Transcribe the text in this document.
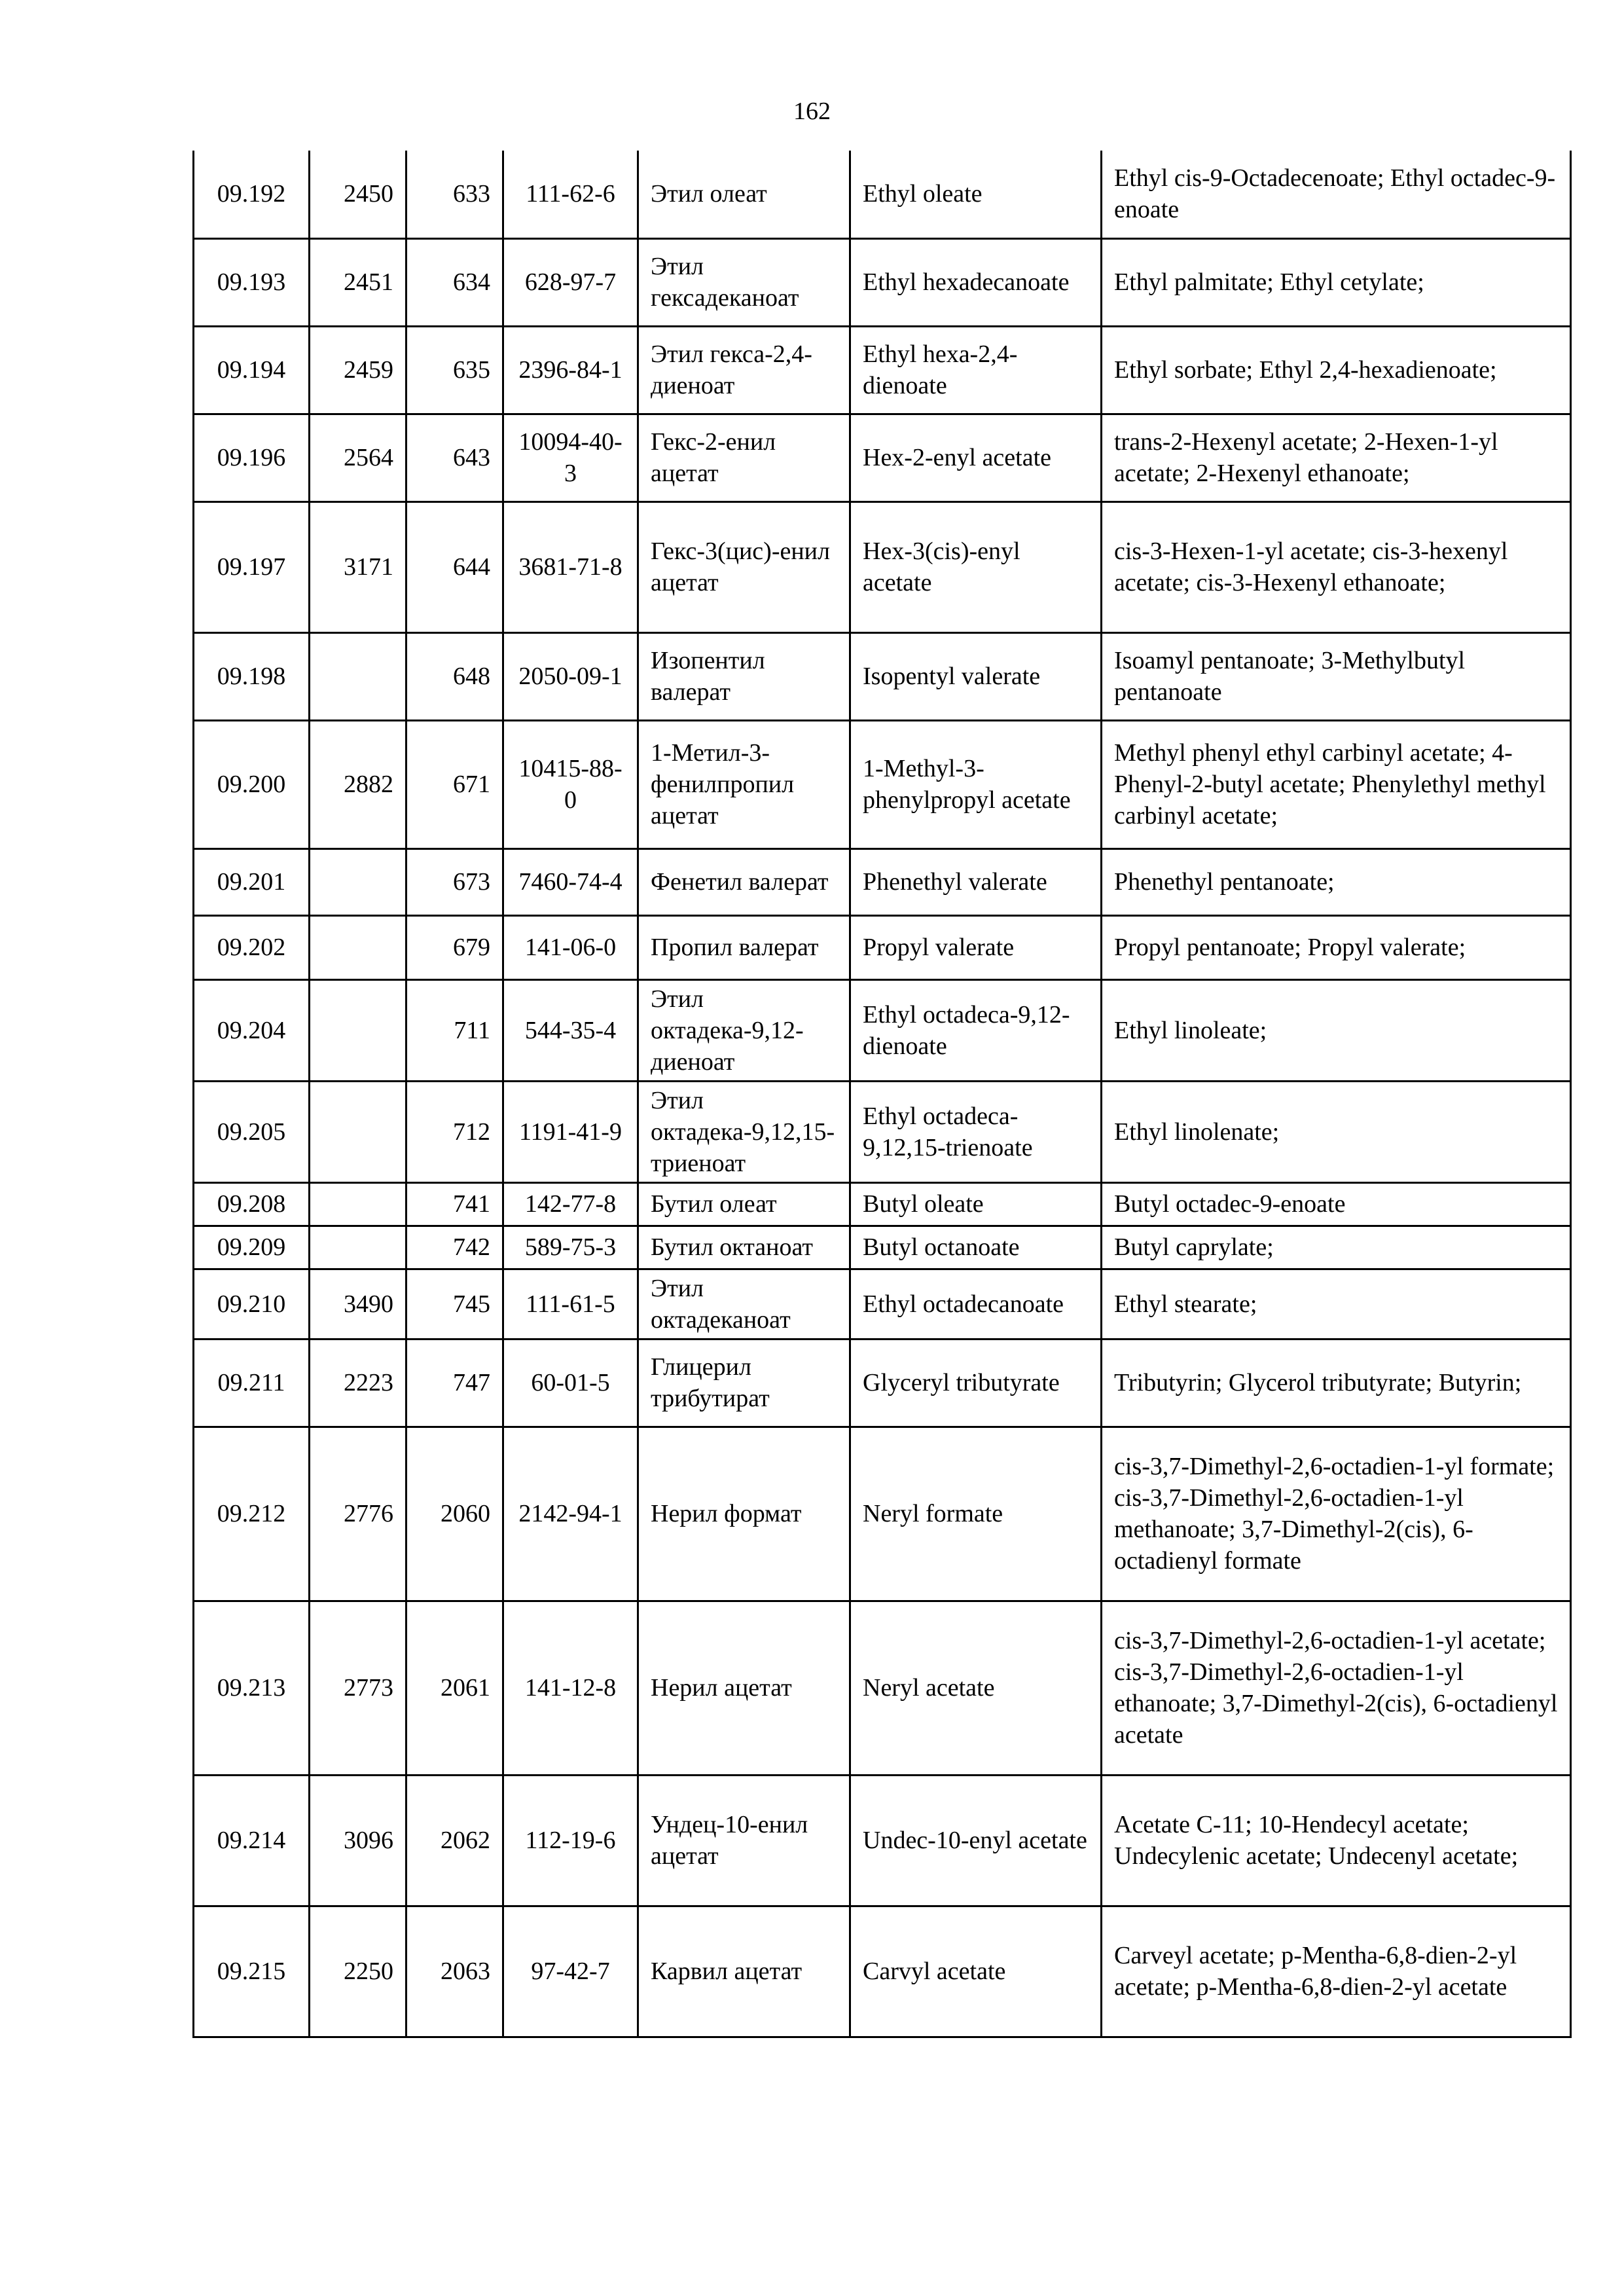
162
09.192	2450	633	111-62-6	Этил олеат	Ethyl oleate	Ethyl cis-9-Octadecenoate; Ethyl octadec-9-enoate
09.193	2451	634	628-97-7	Этил гексадеканоат	Ethyl hexadecanoate	Ethyl palmitate; Ethyl cetylate;
09.194	2459	635	2396-84-1	Этил гекса-2,4-диеноат	Ethyl hexa-2,4-dienoate	Ethyl sorbate; Ethyl 2,4-hexadienoate;
09.196	2564	643	10094-40-3	Гекс-2-енил ацетат	Hex-2-enyl acetate	trans-2-Hexenyl acetate; 2-Hexen-1-yl acetate; 2-Hexenyl ethanoate;
09.197	3171	644	3681-71-8	Гекс-3(цис)-енил ацетат	Hex-3(cis)-enyl acetate	cis-3-Hexen-1-yl acetate; cis-3-hexenyl acetate; cis-3-Hexenyl ethanoate;
09.198		648	2050-09-1	Изопентил валерат	Isopentyl valerate	Isoamyl pentanoate; 3-Methylbutyl pentanoate
09.200	2882	671	10415-88-0	1-Метил-3-фенилпропил ацетат	1-Methyl-3-phenylpropyl acetate	Methyl phenyl ethyl carbinyl acetate; 4- Phenyl-2-butyl acetate; Phenylethyl methyl carbinyl acetate;
09.201		673	7460-74-4	Фенетил валерат	Phenethyl valerate	Phenethyl pentanoate;
09.202		679	141-06-0	Пропил валерат	Propyl valerate	Propyl pentanoate; Propyl valerate;
09.204		711	544-35-4	Этил октадека-9,12-диеноат	Ethyl octadeca-9,12-dienoate	Ethyl linoleate;
09.205		712	1191-41-9	Этил октадека-9,12,15-триеноат	Ethyl octadeca-9,12,15-trienoate	Ethyl linolenate;
09.208		741	142-77-8	Бутил олеат	Butyl oleate	Butyl octadec-9-enoate
09.209		742	589-75-3	Бутил октаноат	Butyl octanoate	Butyl caprylate;
09.210	3490	745	111-61-5	Этил октадеканоат	Ethyl octadecanoate	Ethyl stearate;
09.211	2223	747	60-01-5	Глицерил трибутират	Glyceryl tributyrate	Tributyrin; Glycerol tributyrate; Butyrin;
09.212	2776	2060	2142-94-1	Нерил формат	Neryl formate	cis-3,7-Dimethyl-2,6-octadien-1-yl formate; cis-3,7-Dimethyl-2,6-octadien-1-yl methanoate; 3,7-Dimethyl-2(cis), 6-octadienyl formate
09.213	2773	2061	141-12-8	Нерил ацетат	Neryl acetate	cis-3,7-Dimethyl-2,6-octadien-1-yl acetate; cis-3,7-Dimethyl-2,6-octadien-1-yl ethanoate; 3,7-Dimethyl-2(cis), 6-octadienyl acetate
09.214	3096	2062	112-19-6	Ундец-10-енил ацетат	Undec-10-enyl acetate	Acetate C-11; 10-Hendecyl acetate; Undecylenic acetate; Undecenyl acetate;
09.215	2250	2063	97-42-7	Карвил ацетат	Carvyl acetate	Carveyl acetate; p-Mentha-6,8-dien-2-yl acetate; p-Mentha-6,8-dien-2-yl acetate
